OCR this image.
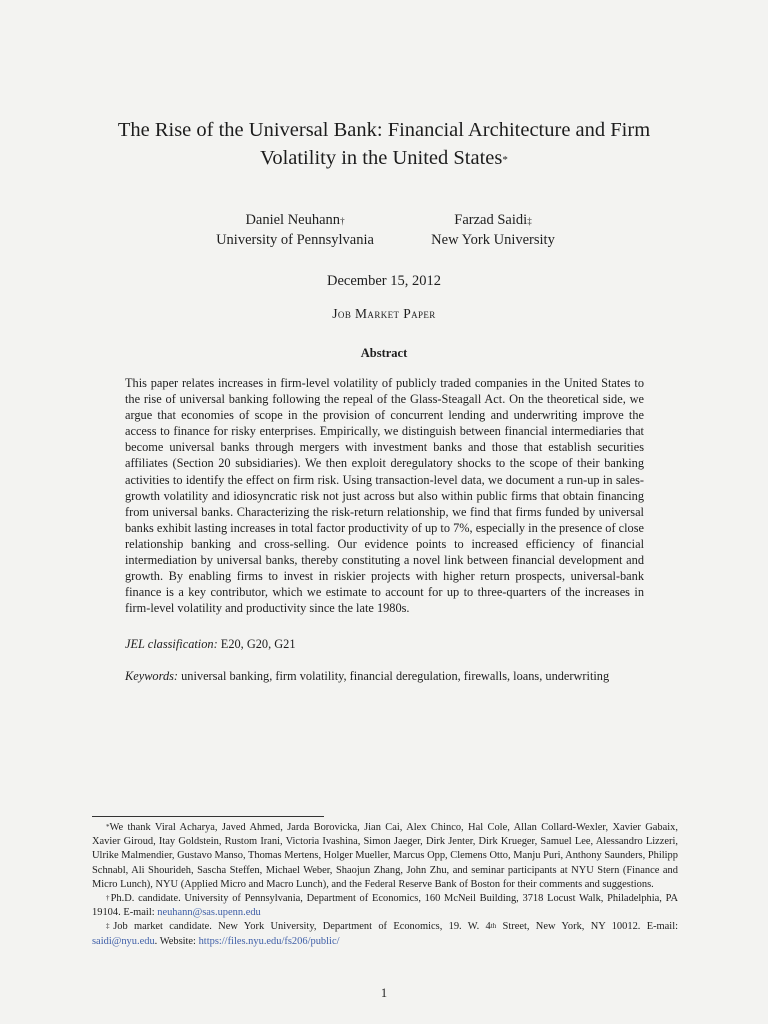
The Rise of the Universal Bank: Financial Architecture and Firm
Volatility in the United States*
Daniel Neuhann†
University of Pennsylvania
Farzad Saidi‡
New York University
December 15, 2012
Job Market Paper
Abstract

This paper relates increases in firm-level volatility of publicly traded companies in the United States to the rise of universal banking following the repeal of the Glass-Steagall Act. On the theoretical side, we argue that economies of scope in the provision of concurrent lending and underwriting improve the access to finance for risky enterprises. Empirically, we distinguish between financial intermediaries that become universal banks through mergers with investment banks and those that establish securities affiliates (Section 20 subsidiaries). We then exploit deregulatory shocks to the scope of their banking activities to identify the effect on firm risk. Using transaction-level data, we document a run-up in sales-growth volatility and idiosyncratic risk not just across but also within public firms that obtain financing from universal banks. Characterizing the risk-return relationship, we find that firms funded by universal banks exhibit lasting increases in total factor productivity of up to 7%, especially in the presence of close relationship banking and cross-selling. Our evidence points to increased efficiency of financial intermediation by universal banks, thereby constituting a novel link between financial development and growth. By enabling firms to invest in riskier projects with higher return prospects, universal-bank finance is a key contributor, which we estimate to account for up to three-quarters of the increases in firm-level volatility and productivity since the late 1980s.

JEL classification: E20, G20, G21

Keywords: universal banking, firm volatility, financial deregulation, firewalls, loans, underwriting

*We thank Viral Acharya, Javed Ahmed, Jarda Borovicka, Jian Cai, Alex Chinco, Hal Cole, Allan Collard-Wexler, Xavier Gabaix, Xavier Giroud, Itay Goldstein, Rustom Irani, Victoria Ivashina, Simon Jaeger, Dirk Jenter, Dirk Krueger, Samuel Lee, Alessandro Lizzeri, Ulrike Malmendier, Gustavo Manso, Thomas Mertens, Holger Mueller, Marcus Opp, Clemens Otto, Manju Puri, Anthony Saunders, Philipp Schnabl, Ali Shourideh, Sascha Steffen, Michael Weber, Shaojun Zhang, John Zhu, and seminar participants at NYU Stern (Finance and Micro Lunch), NYU (Applied Micro and Macro Lunch), and the Federal Reserve Bank of Boston for their comments and suggestions.

†Ph.D. candidate. University of Pennsylvania, Department of Economics, 160 McNeil Building, 3718 Locust Walk, Philadelphia, PA 19104. E-mail: neuhann@sas.upenn.edu

‡Job market candidate. New York University, Department of Economics, 19. W. 4th Street, New York, NY 10012. E-mail: saidi@nyu.edu. Website: https://files.nyu.edu/fs206/public/

1
